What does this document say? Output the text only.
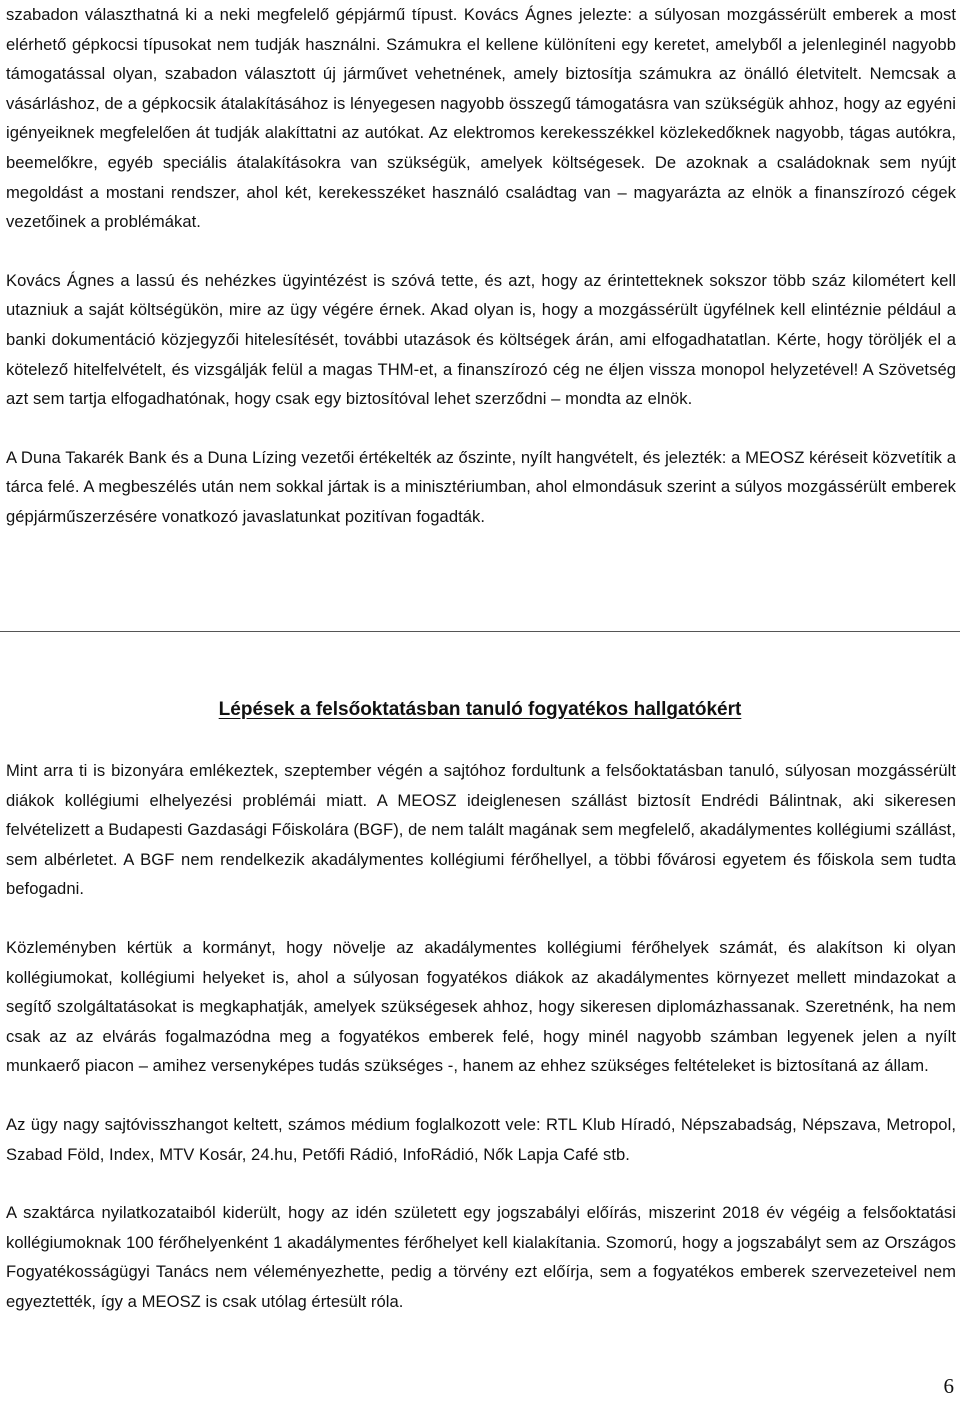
szabadon választhatná ki a neki megfelelő gépjármű típust. Kovács Ágnes jelezte: a súlyosan mozgássérült emberek a most elérhető gépkocsi típusokat nem tudják használni. Számukra el kellene különíteni egy keretet, amelyből a jelenleginél nagyobb támogatással olyan, szabadon választott új járművet vehetnének, amely biztosítja számukra az önálló életvitelt. Nemcsak a vásárláshoz, de a gépkocsik átalakításához is lényegesen nagyobb összegű támogatásra van szükségük ahhoz, hogy az egyéni igényeiknek megfelelően át tudják alakíttatni az autókat. Az elektromos kerekesszékkel közlekedőknek nagyobb, tágas autókra, beemelőkre, egyéb speciális átalakításokra van szükségük, amelyek költségesek. De azoknak a családoknak sem nyújt megoldást a mostani rendszer, ahol két, kerekesszéket használó családtag van – magyarázta az elnök a finanszírozó cégek vezetőinek a problémákat.

Kovács Ágnes a lassú és nehézkes ügyintézést is szóvá tette, és azt, hogy az érintetteknek sokszor több száz kilométert kell utazniuk a saját költségükön, mire az ügy végére érnek. Akad olyan is, hogy a mozgássérült ügyfélnek kell elintéznie például a banki dokumentáció közjegyzői hitelesítését, további utazások és költségek árán, ami elfogadhatatlan. Kérte, hogy töröljék el a kötelező hitelfelvételt, és vizsgálják felül a magas THM-et, a finanszírozó cég ne éljen vissza monopol helyzetével! A Szövetség azt sem tartja elfogadhatónak, hogy csak egy biztosítóval lehet szerződni – mondta az elnök.

A Duna Takarék Bank és a Duna Lízing vezetői értékelték az őszinte, nyílt hangvételt, és jelezték: a MEOSZ kéréseit közvetítik a tárca felé. A megbeszélés után nem sokkal jártak is a minisztériumban, ahol elmondásuk szerint a súlyos mozgássérült emberek gépjárműszerzésére vonatkozó javaslatunkat pozitívan fogadták.

Lépések a felsőoktatásban tanuló fogyatékos hallgatókért

Mint arra ti is bizonyára emlékeztek, szeptember végén a sajtóhoz fordultunk a felsőoktatásban tanuló, súlyosan mozgássérült diákok kollégiumi elhelyezési problémái miatt. A MEOSZ ideiglenesen szállást biztosít Endrédi Bálintnak, aki sikeresen felvételizett a Budapesti Gazdasági Főiskolára (BGF), de nem talált magának sem megfelelő, akadálymentes kollégiumi szállást, sem albérletet. A BGF nem rendelkezik akadálymentes kollégiumi férőhellyel, a többi fővárosi egyetem és főiskola sem tudta befogadni.

Közleményben kértük a kormányt, hogy növelje az akadálymentes kollégiumi férőhelyek számát, és alakítson ki olyan kollégiumokat, kollégiumi helyeket is, ahol a súlyosan fogyatékos diákok az akadálymentes környezet mellett mindazokat a segítő szolgáltatásokat is megkaphatják, amelyek szükségesek ahhoz, hogy sikeresen diplomázhassanak. Szeretnénk, ha nem csak az az elvárás fogalmazódna meg a fogyatékos emberek felé, hogy minél nagyobb számban legyenek jelen a nyílt munkaerő piacon – amihez versenyképes tudás szükséges -, hanem az ehhez szükséges feltételeket is biztosítaná az állam.

Az ügy nagy sajtóvisszhangot keltett, számos médium foglalkozott vele: RTL Klub Híradó, Népszabadság, Népszava, Metropol, Szabad Föld, Index, MTV Kosár, 24.hu, Petőfi Rádió, InfoRádió, Nők Lapja Café stb.

A szaktárca nyilatkozataiból kiderült, hogy az idén született egy jogszabályi előírás, miszerint 2018 év végéig a felsőoktatási kollégiumoknak 100 férőhelyenként 1 akadálymentes férőhelyet kell kialakítania. Szomorú, hogy a jogszabályt sem az Országos Fogyatékosságügyi Tanács nem véleményezhette, pedig a törvény ezt előírja, sem a fogyatékos emberek szervezeteivel nem egyeztették, így a MEOSZ is csak utólag értesült róla.

6
